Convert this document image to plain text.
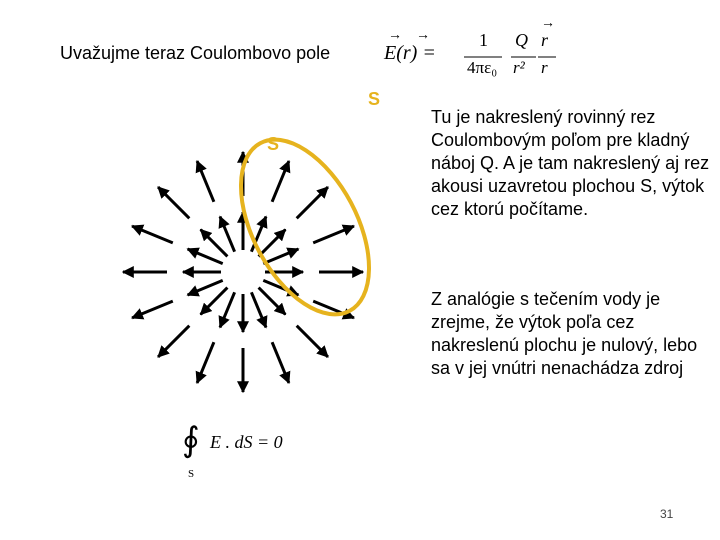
Uvažujme teraz Coulombovo pole	E(r) =
→ →	1
4πε₀
Q
r²
r
→
r
S
S
Tu je nakreslený rovinný rez Coulombovým poľom pre kladný náboj Q. A je tam nakreslený aj rez akousi uzavretou plochou S, výtok cez ktorú počítame.
Z analógie s tečením vody je zrejme, že výtok poľa cez nakreslenú plochu je nulový, lebo sa v jej vnútri nenachádza zdroj
∮ E . dS = 0
S
31
